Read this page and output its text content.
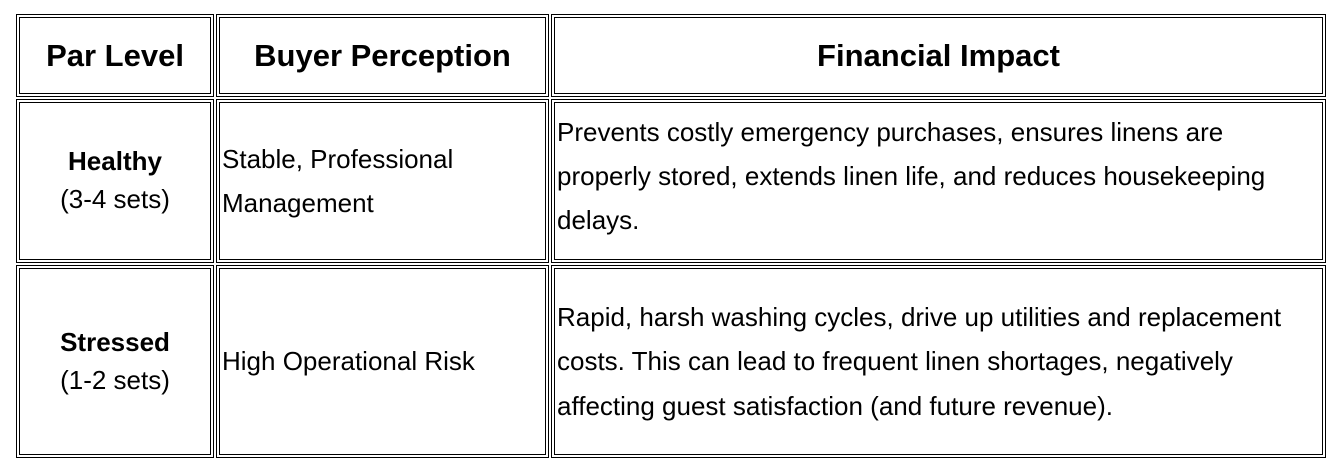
Par Level	Buyer Perception	Financial Impact
Healthy
(3-4 sets)
Stable, Professional Management
Prevents costly emergency purchases, ensures linens are properly stored, extends linen life, and reduces housekeeping delays.
Stressed
(1-2 sets)
High Operational Risk
Rapid, harsh washing cycles, drive up utilities and replacement costs. This can lead to frequent linen shortages, negatively affecting guest satisfaction (and future revenue).
